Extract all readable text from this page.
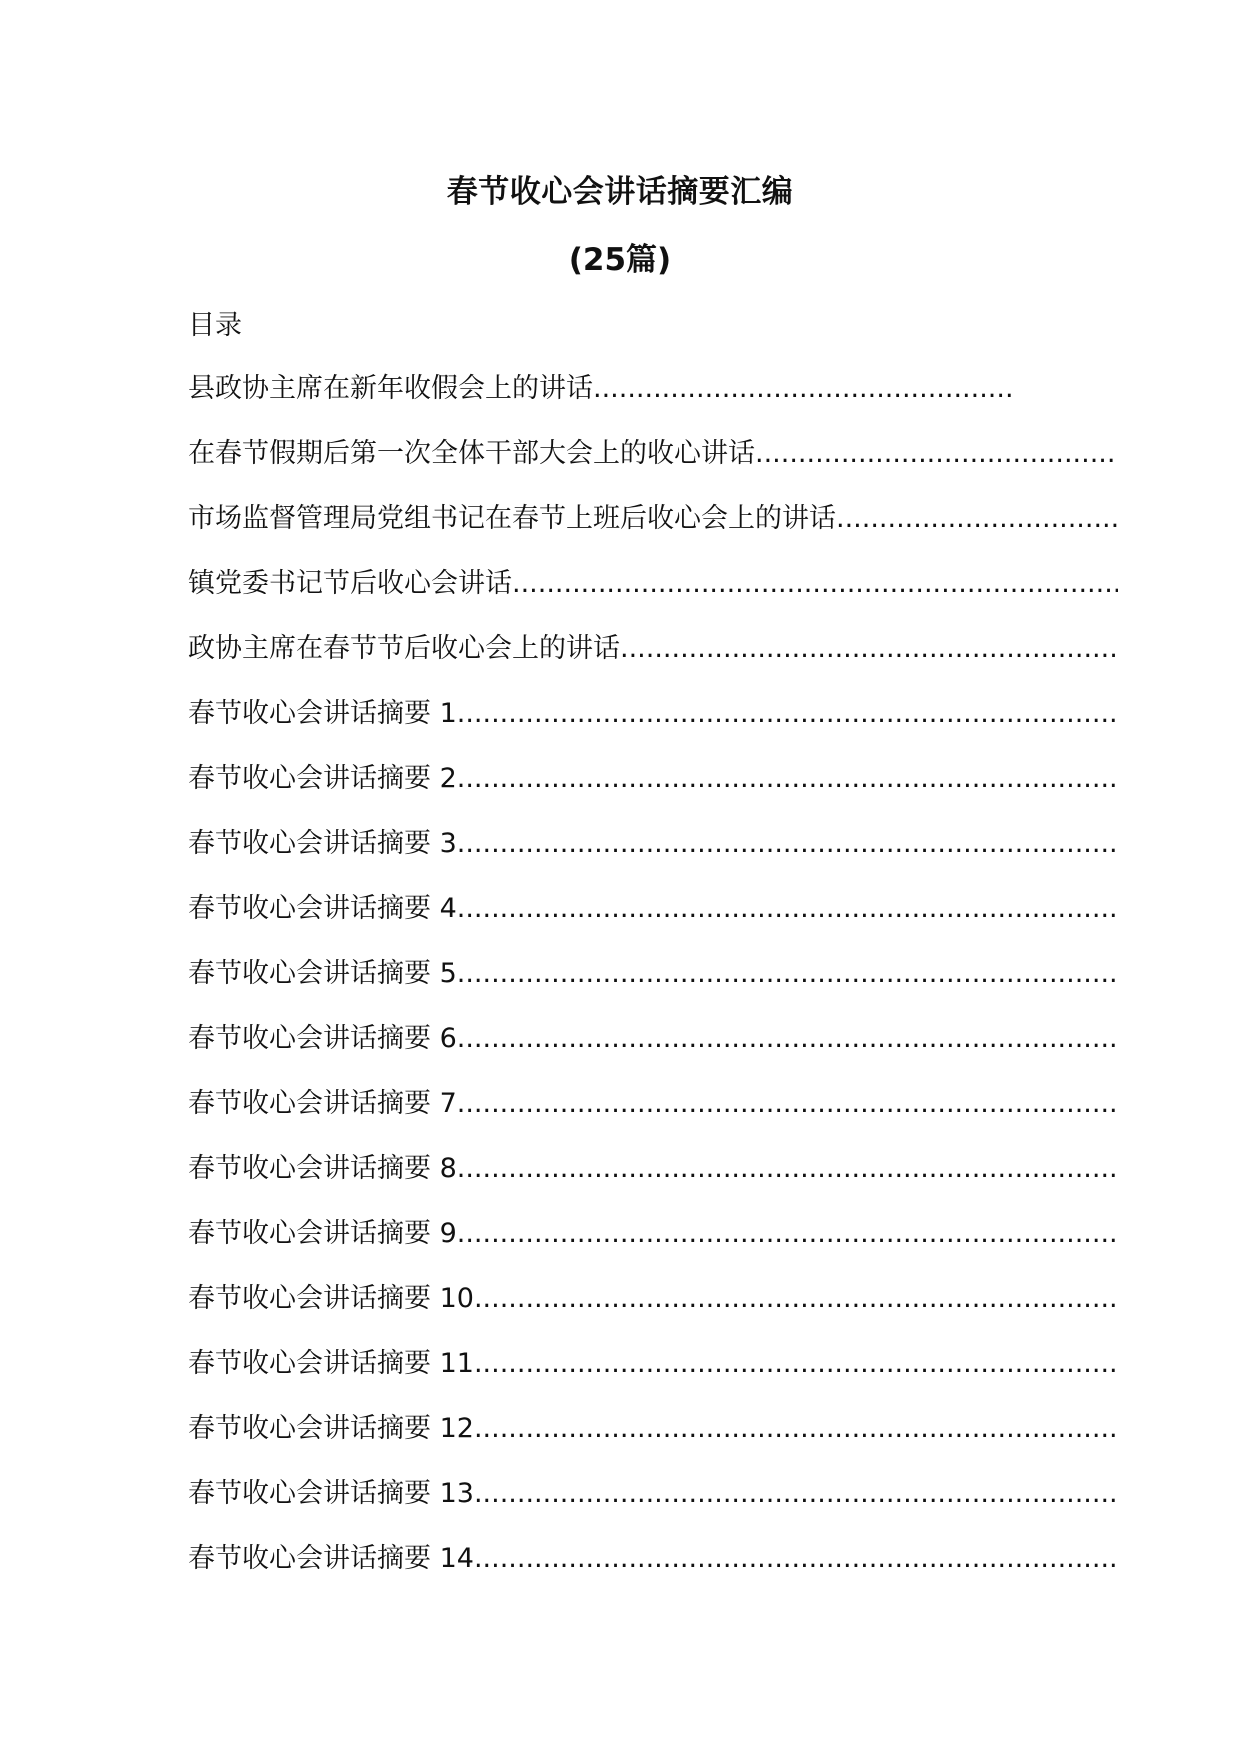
春节收心会讲话摘要汇编
(25篇)
目录
县政协主席在新年收假会上的讲话
.....
在春节假期后第一次全体干部大会上的收心讲话
.....
市场监督管理局党组书记在春节上班后收心会上的讲话
.....
镇党委书记节后收心会讲话
.....
政协主席在春节节后收心会上的讲话
.....
春节收心会讲话摘要 1
.....
春节收心会讲话摘要 2
.....
春节收心会讲话摘要 3
.....
春节收心会讲话摘要 4
.....
春节收心会讲话摘要 5
.....
春节收心会讲话摘要 6
.....
春节收心会讲话摘要 7
.....
春节收心会讲话摘要 8
.....
春节收心会讲话摘要 9
.....
春节收心会讲话摘要 10
.....
春节收心会讲话摘要 11
.....
春节收心会讲话摘要 12
.....
春节收心会讲话摘要 13
.....
春节收心会讲话摘要 14
.....
